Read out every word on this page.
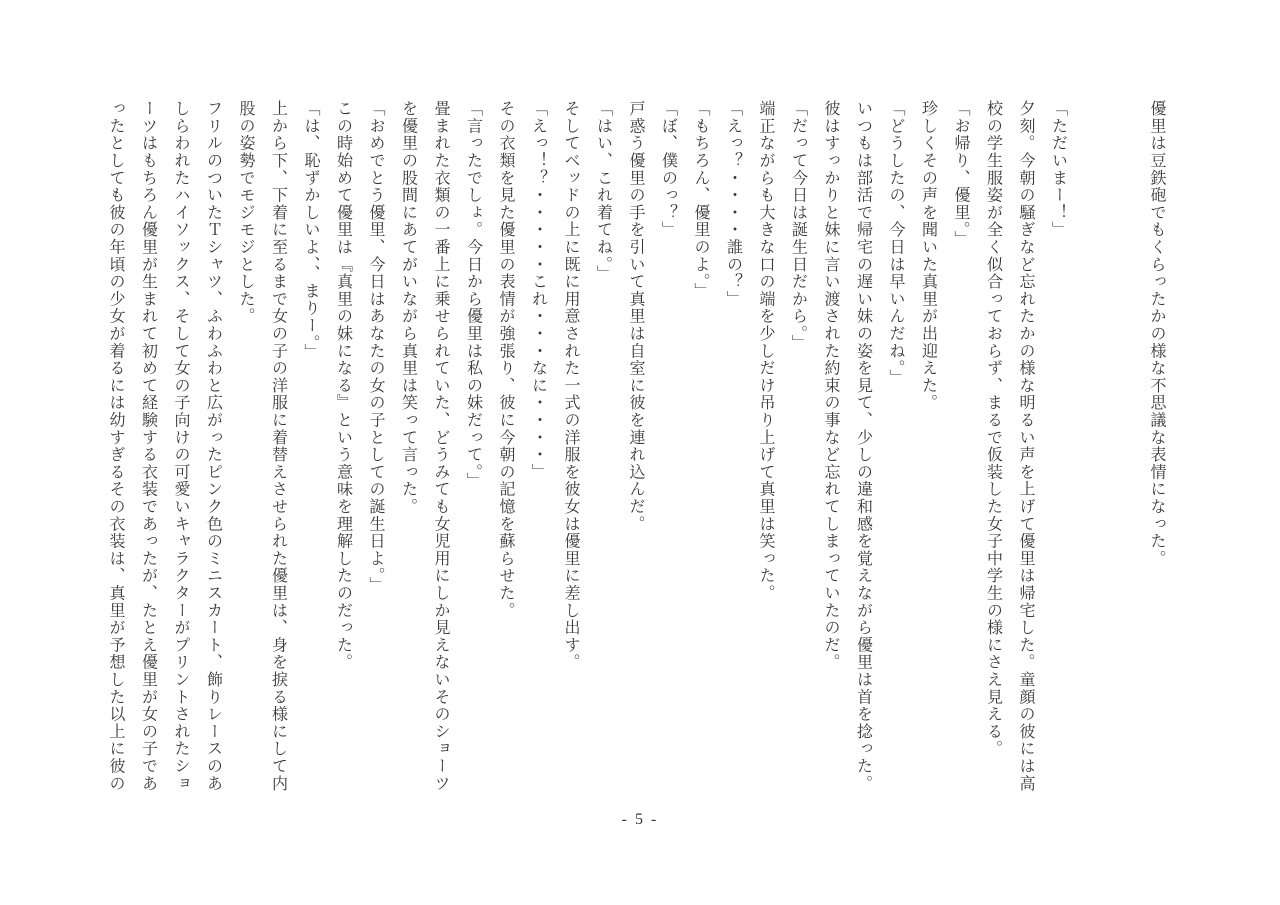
優里は豆鉄砲でもくらったかの様な不思議な表情になった。

「ただいまー！」

夕刻。今朝の騒ぎなど忘れたかの様な明るい声を上げて優里は帰宅した。童顔の彼には高

校の学生服姿が全く似合っておらず、まるで仮装した女子中学生の様にさえ見える。

「お帰り、優里。」

珍しくその声を聞いた真里が出迎えた。

「どうしたの、今日は早いんだね。」

いつもは部活で帰宅の遅い妹の姿を見て、少しの違和感を覚えながら優里は首を捻った。

彼はすっかりと妹に言い渡された約束の事など忘れてしまっていたのだ。

「だって今日は誕生日だから。」

端正ながらも大きな口の端を少しだけ吊り上げて真里は笑った。

「えっ？・・・・誰の？」

「もちろん、優里のよ。」

「ぼ、僕のっ？」

戸惑う優里の手を引いて真里は自室に彼を連れ込んだ。

「はい、これ着てね。」

そしてベッドの上に既に用意された一式の洋服を彼女は優里に差し出す。

「えっ！？・・・・・これ・・・なに・・・・」

その衣類を見た優里の表情が強張り、彼に今朝の記憶を蘇らせた。

「言ったでしょ。今日から優里は私の妹だって。」

畳まれた衣類の一番上に乗せられていた、どうみても女児用にしか見えないそのショーツ

を優里の股間にあてがいながら真里は笑って言った。

「おめでとう優里、今日はあなたの女の子としての誕生日よ。」

この時始めて優里は『真里の妹になる』という意味を理解したのだった。

「は、恥ずかしいよ、、まりー。」

上から下、下着に至るまで女の子の洋服に着替えさせられた優里は、身を捩る様にして内

股の姿勢でモジモジとした。

フリルのついたＴシャツ、ふわふわと広がったピンク色のミニスカート、飾りレースのあ

しらわれたハイソックス、そして女の子向けの可愛いキャラクターがプリントされたショ

ーツはもちろん優里が生まれて初めて経験する衣装であったが、たとえ優里が女の子であ

ったとしても彼の年頃の少女が着るには幼すぎるその衣装は、真里が予想した以上に彼の

- 5 -
